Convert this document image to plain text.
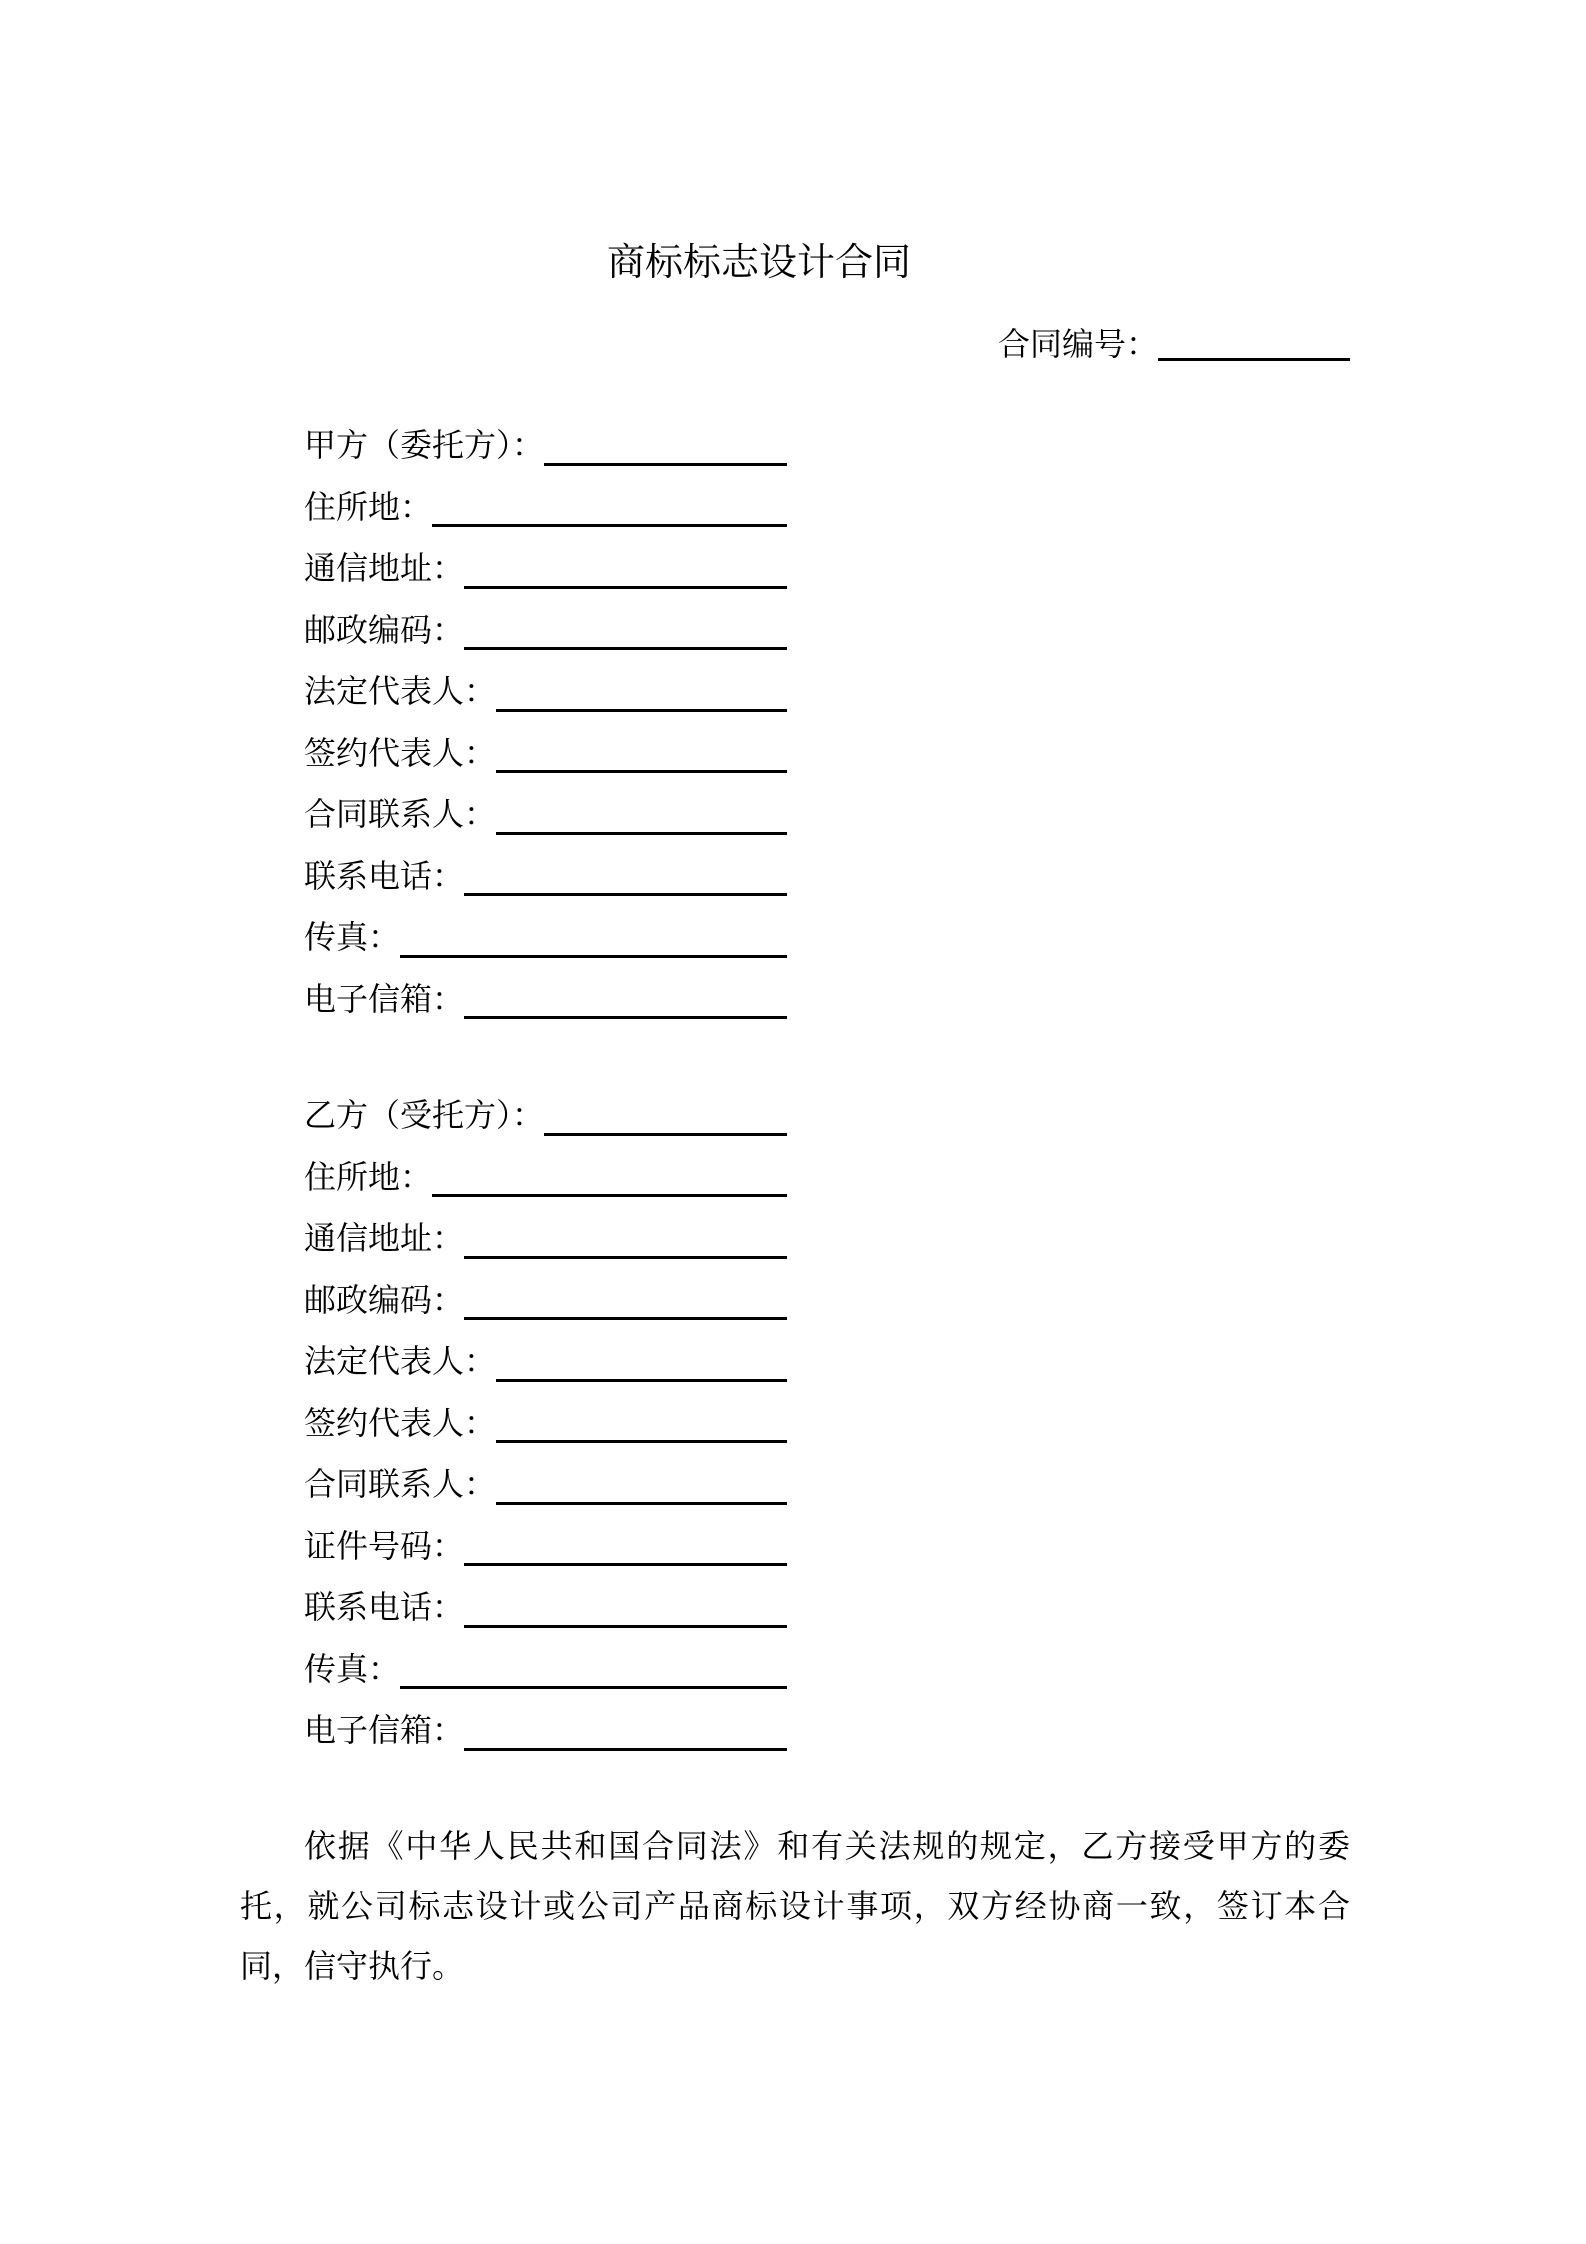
商标标志设计合同
合同编号：
甲方（委托方）：
住所地：
通信地址：
邮政编码：
法定代表人：
签约代表人：
合同联系人：
联系电话：
传真：
电子信箱：
乙方（受托方）：
住所地：
通信地址：
邮政编码：
法定代表人：
签约代表人：
合同联系人：
证件号码：
联系电话：
传真：
电子信箱：
依据《中华人民共和国合同法》和有关法规的规定，乙方接受甲方的委托，就公司标志设计或公司产品商标设计事项，双方经协商一致，签订本合同，信守执行。
